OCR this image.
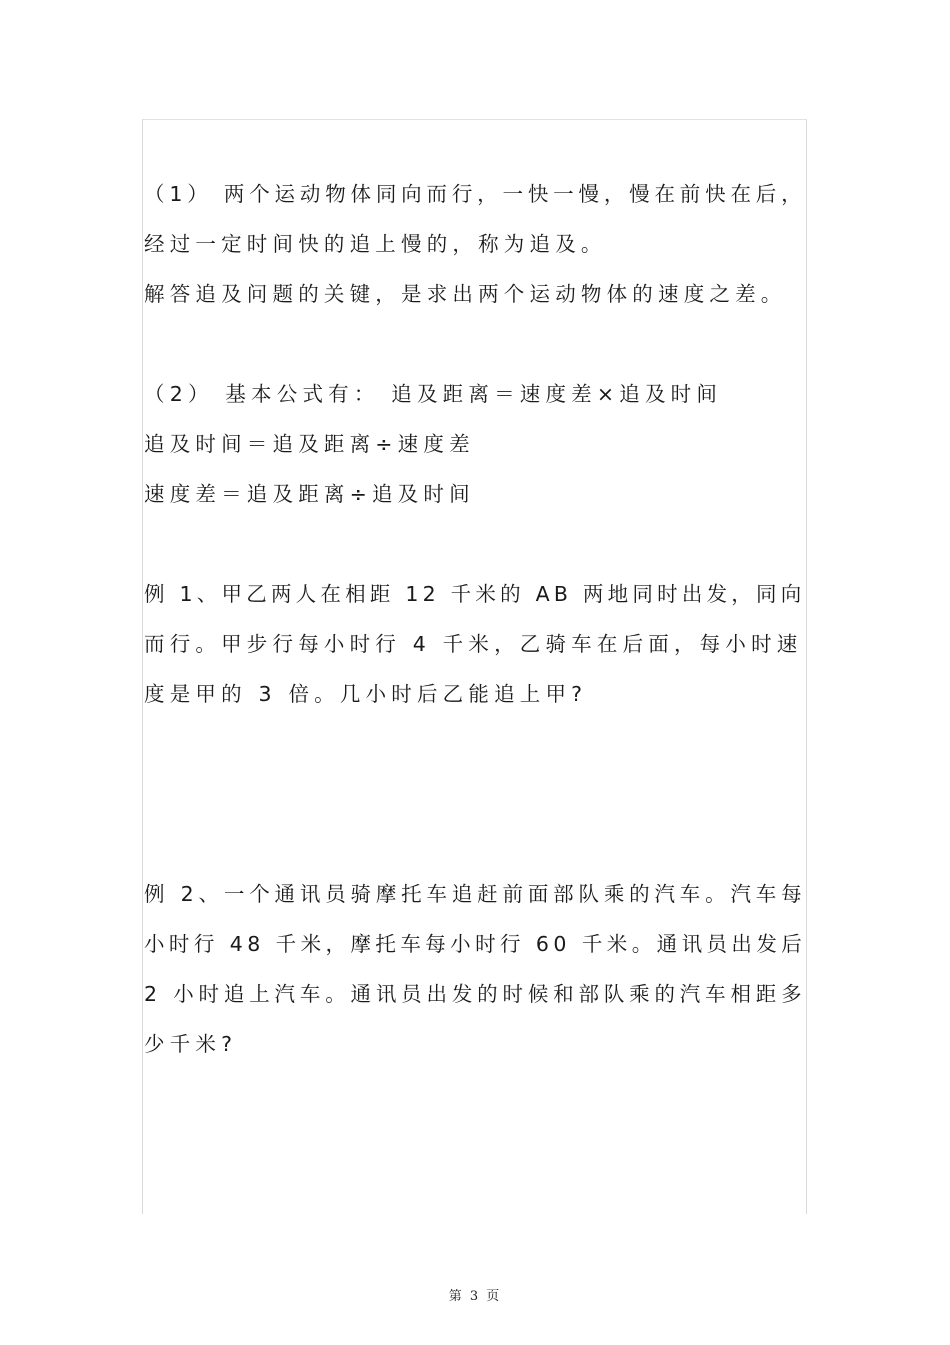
（1） 两个运动物体同向而行，一快一慢，慢在前快在后，
经过一定时间快的追上慢的，称为追及。
解答追及问题的关键，是求出两个运动物体的速度之差。
（2） 基本公式有： 追及距离＝速度差×追及时间
追及时间＝追及距离÷速度差
速度差＝追及距离÷追及时间
例 1、甲乙两人在相距 12 千米的 AB 两地同时出发，同向
而行。甲步行每小时行 4 千米，乙骑车在后面，每小时速
度是甲的 3 倍。几小时后乙能追上甲?
例 2、一个通讯员骑摩托车追赶前面部队乘的汽车。汽车每
小时行 48 千米，摩托车每小时行 60 千米。通讯员出发后
2 小时追上汽车。通讯员出发的时候和部队乘的汽车相距多
少千米?
第 3 页
